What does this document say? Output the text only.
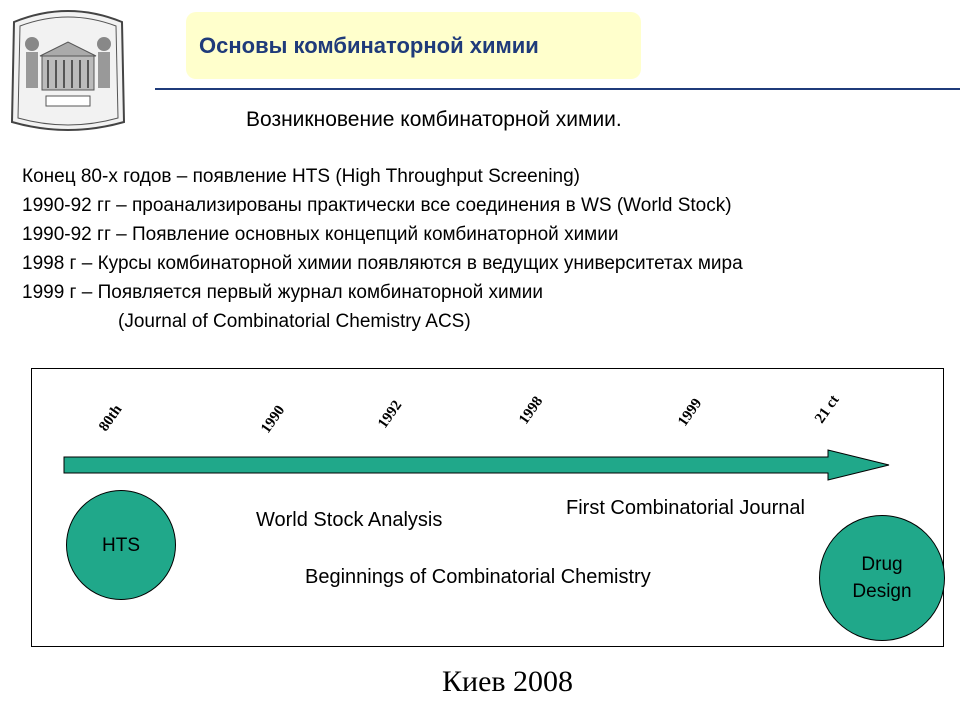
Основы комбинаторной химии
Возникновение комбинаторной химии.
Конец 80-х годов – появление HTS (High Throughput Screening)
1990-92 гг – проанализированы практически все соединения в WS (World Stock)
1990-92 гг – Появление основных концепций комбинаторной химии
1998 г – Курсы комбинаторной химии появляются в ведущих университетах мира
1999 г – Появляется первый журнал комбинаторной химии
(Journal of Combinatorial Chemistry ACS)
80th	1990	1992	1998	1999	21 ct
HTS
Drug
Design
World Stock Analysis
First Combinatorial Journal
Beginnings of Combinatorial Chemistry
Киев 2008
